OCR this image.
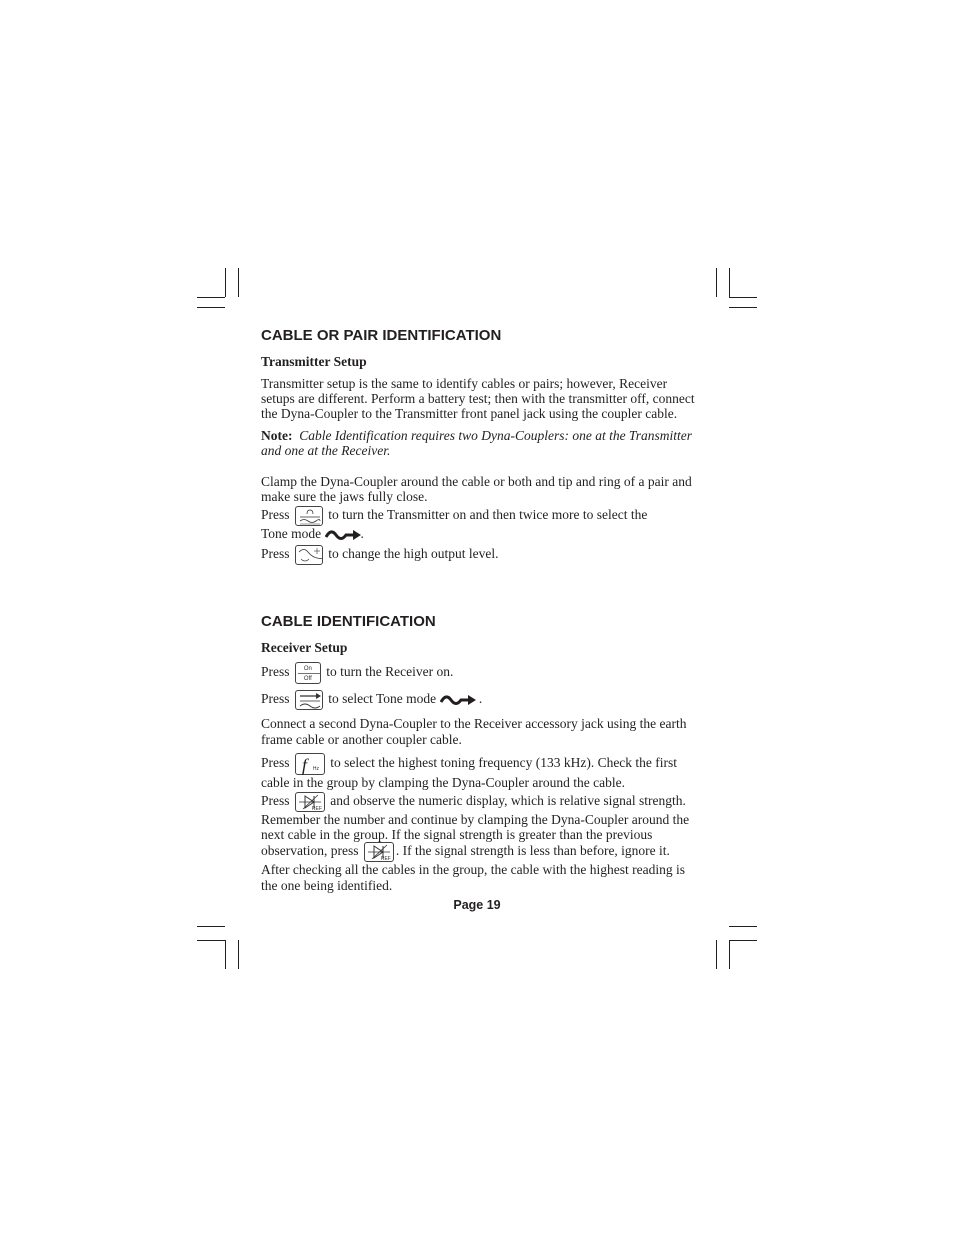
CABLE OR PAIR IDENTIFICATION
Transmitter Setup

Transmitter setup is the same to identify cables or pairs; however, Receiver setups are different. Perform a battery test; then with the transmitter off, connect the Dyna-Coupler to the Transmitter front panel jack using the coupler cable.

Note: Cable Identification requires two Dyna-Couplers: one at the Transmitter and one at the Receiver.

Clamp the Dyna-Coupler around the cable or both and tip and ring of a pair and make sure the jaws fully close.

Press	to turn the Transmitter on and then twice more to select the
Tone mode	.

Press	to change the high output level.

CABLE IDENTIFICATION
Receiver Setup

Press On
Off to turn the Receiver on.

Press	to select Tone mode	.

Connect a second Dyna-Coupler to the Receiver accessory jack using the earth frame cable or another coupler cable.

Press f Hz to select the highest toning frequency (133 kHz). Check the first cable in the group by clamping the Dyna-Coupler around the cable.

Press
REF
and observe the numeric display, which is relative signal strength. Remember the number and continue by clamping the Dyna-Coupler around the next cable in the group. If the signal strength is greater than the previous observation, press
REF
. If the signal strength is less than before, ignore it. After checking all the cables in the group, the cable with the highest reading is the one being identified.

Page 19
